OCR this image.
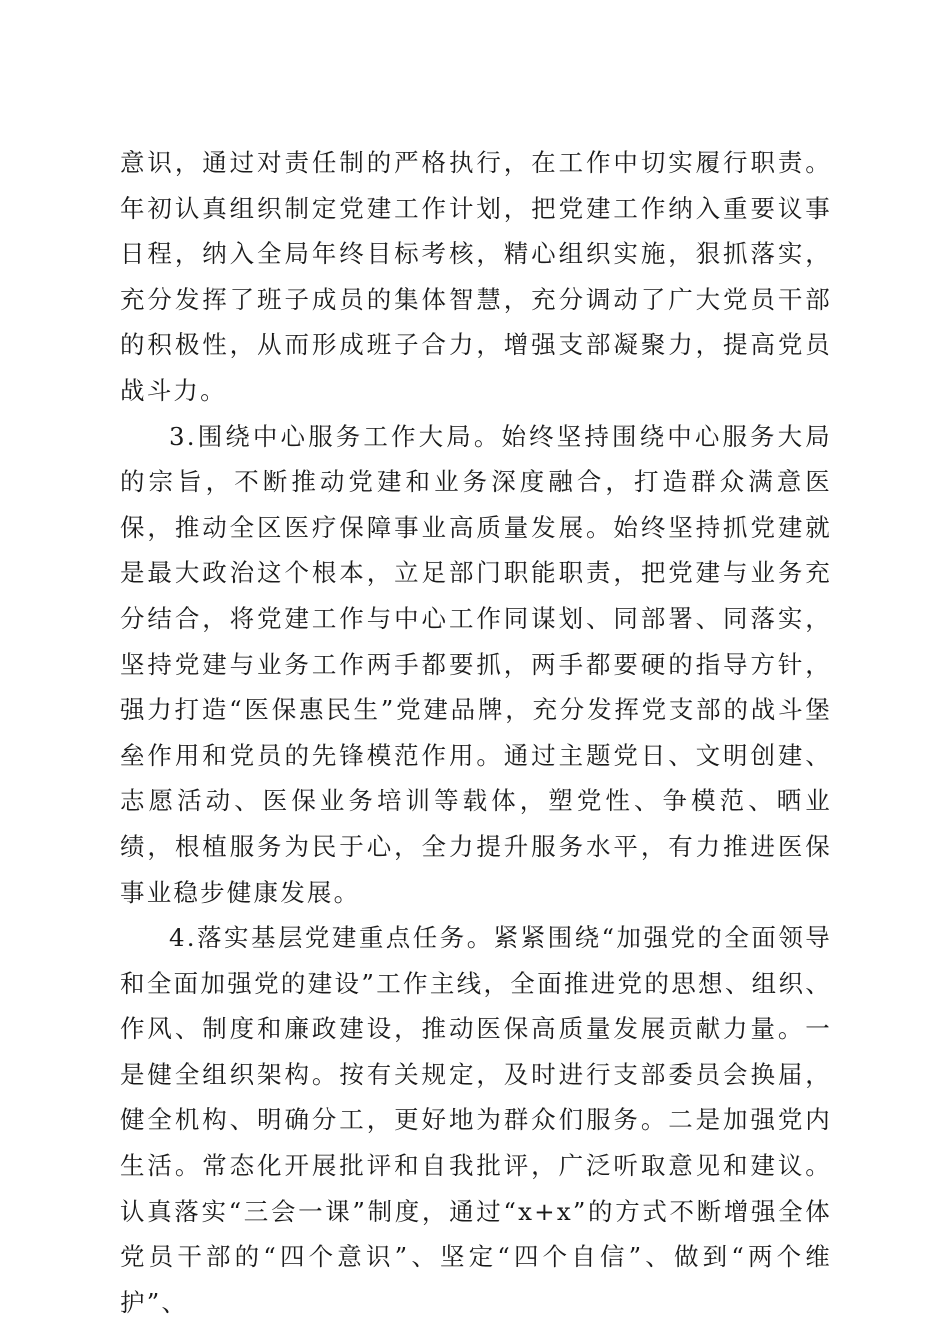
意识，通过对责任制的严格执行，在工作中切实履行职责。年初认真组织制定党建工作计划，把党建工作纳入重要议事日程，纳入全局年终目标考核，精心组织实施，狠抓落实，充分发挥了班子成员的集体智慧，充分调动了广大党员干部的积极性，从而形成班子合力，增强支部凝聚力，提高党员战斗力。

3.围绕中心服务工作大局。始终坚持围绕中心服务大局的宗旨，不断推动党建和业务深度融合，打造群众满意医保，推动全区医疗保障事业高质量发展。始终坚持抓党建就是最大政治这个根本，立足部门职能职责，把党建与业务充分结合，将党建工作与中心工作同谋划、同部署、同落实，坚持党建与业务工作两手都要抓，两手都要硬的指导方针，强力打造“医保惠民生”党建品牌，充分发挥党支部的战斗堡垒作用和党员的先锋模范作用。通过主题党日、文明创建、志愿活动、医保业务培训等载体，塑党性、争模范、晒业绩，根植服务为民于心，全力提升服务水平，有力推进医保事业稳步健康发展。

4.落实基层党建重点任务。紧紧围绕“加强党的全面领导和全面加强党的建设”工作主线，全面推进党的思想、组织、作风、制度和廉政建设，推动医保高质量发展贡献力量。一是健全组织架构。按有关规定，及时进行支部委员会换届，健全机构、明确分工，更好地为群众们服务。二是加强党内生活。常态化开展批评和自我批评，广泛听取意见和建议。认真落实“三会一课”制度，通过“x+x”的方式不断增强全体党员干部的“四个意识”、坚定“四个自信”、做到“两个维护”、
